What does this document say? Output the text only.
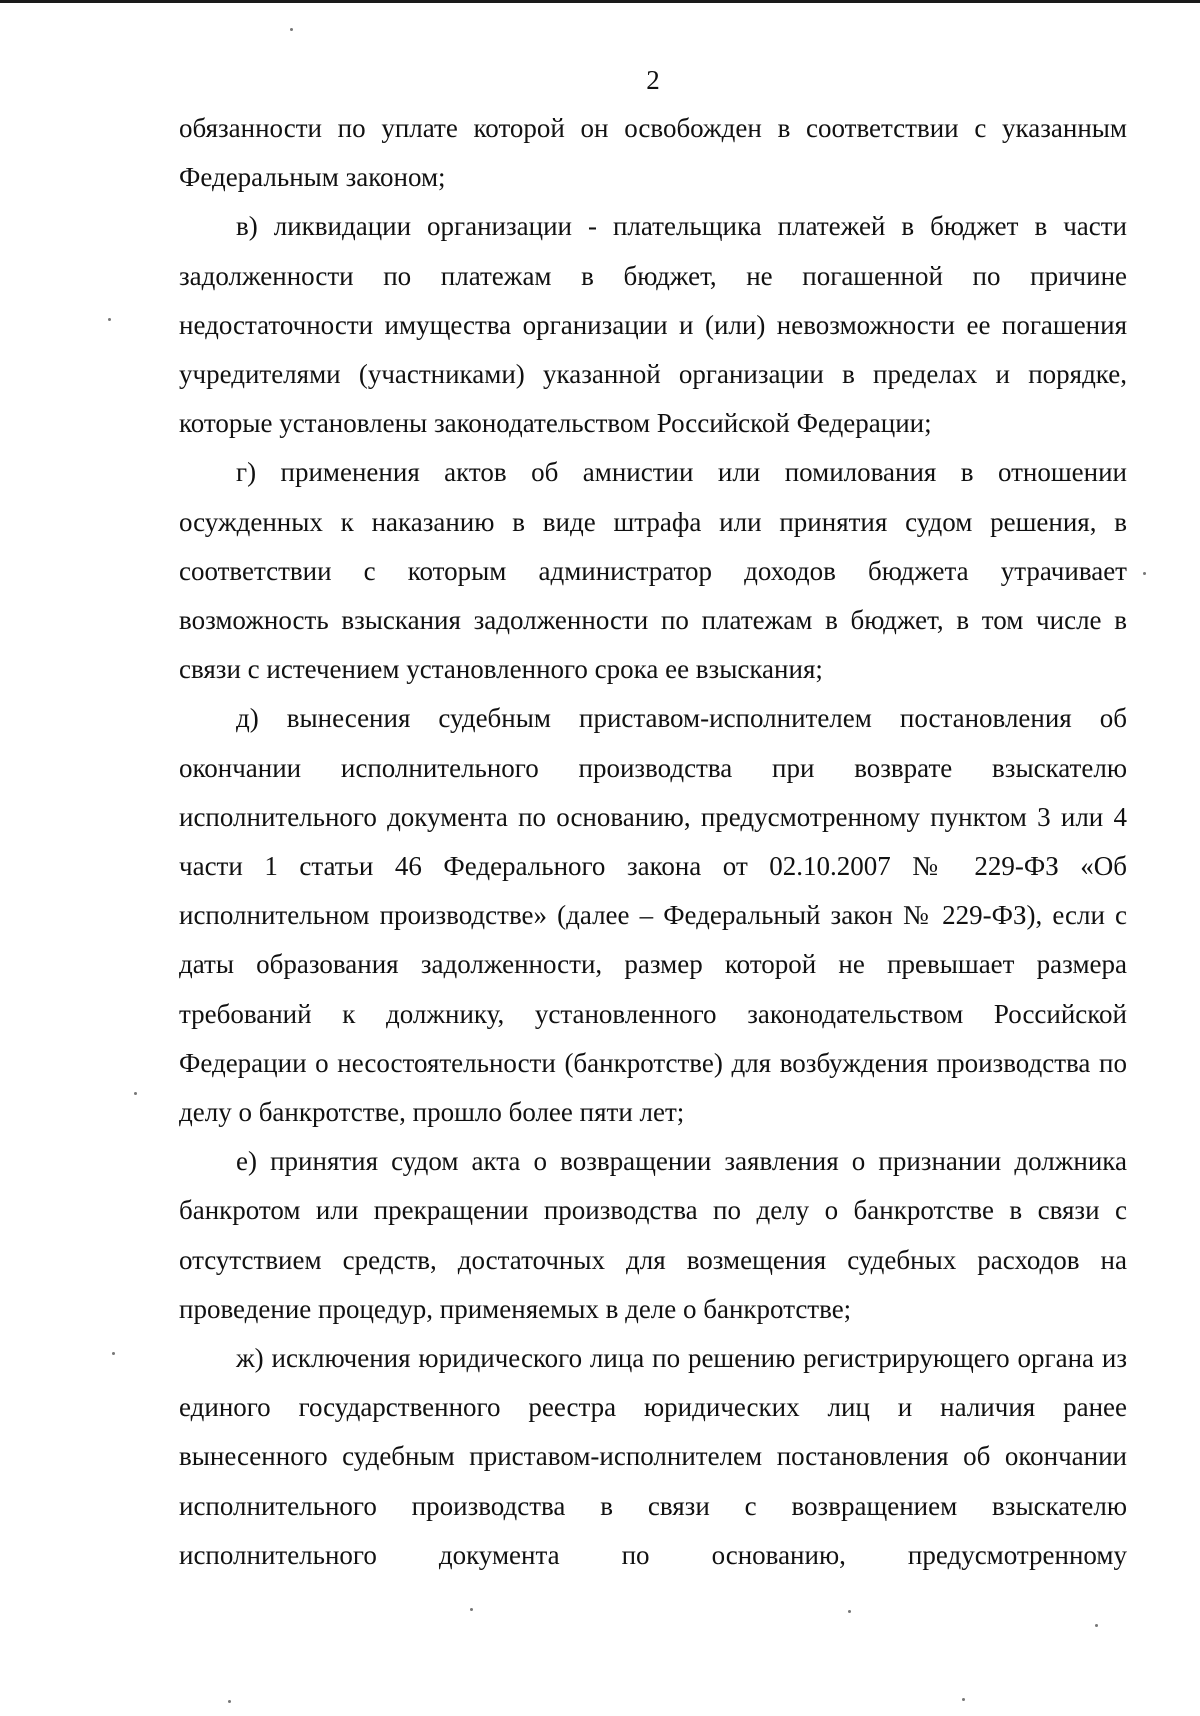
2

обязанности по уплате которой он освобожден в соответствии с указанным Федеральным законом;

в) ликвидации организации - плательщика платежей в бюджет в части задолженности по платежам в бюджет, не погашенной по причине недостаточности имущества организации и (или) невозможности ее погашения учредителями (участниками) указанной организации в пределах и порядке, которые установлены законодательством Российской Федерации;

г) применения актов об амнистии или помилования в отношении осужденных к наказанию в виде штрафа или принятия судом решения, в соответствии с которым администратор доходов бюджета утрачивает возможность взыскания задолженности по платежам в бюджет, в том числе в связи с истечением установленного срока ее взыскания;

д) вынесения судебным приставом-исполнителем постановления об окончании исполнительного производства при возврате взыскателю исполнительного документа по основанию, предусмотренному пунктом 3 или 4 части 1 статьи 46 Федерального закона от 02.10.2007 № 229-ФЗ «Об исполнительном производстве» (далее – Федеральный закон № 229-ФЗ), если с даты образования задолженности, размер которой не превышает размера требований к должнику, установленного законодательством Российской Федерации о несостоятельности (банкротстве) для возбуждения производства по делу о банкротстве, прошло более пяти лет;

е) принятия судом акта о возвращении заявления о признании должника банкротом или прекращении производства по делу о банкротстве в связи с отсутствием средств, достаточных для возмещения судебных расходов на проведение процедур, применяемых в деле о банкротстве;

ж) исключения юридического лица по решению регистрирующего органа из единого государственного реестра юридических лиц и наличия ранее вынесенного судебным приставом-исполнителем постановления об окончании исполнительного производства в связи с возвращением взыскателю исполнительного документа по основанию, предусмотренному
